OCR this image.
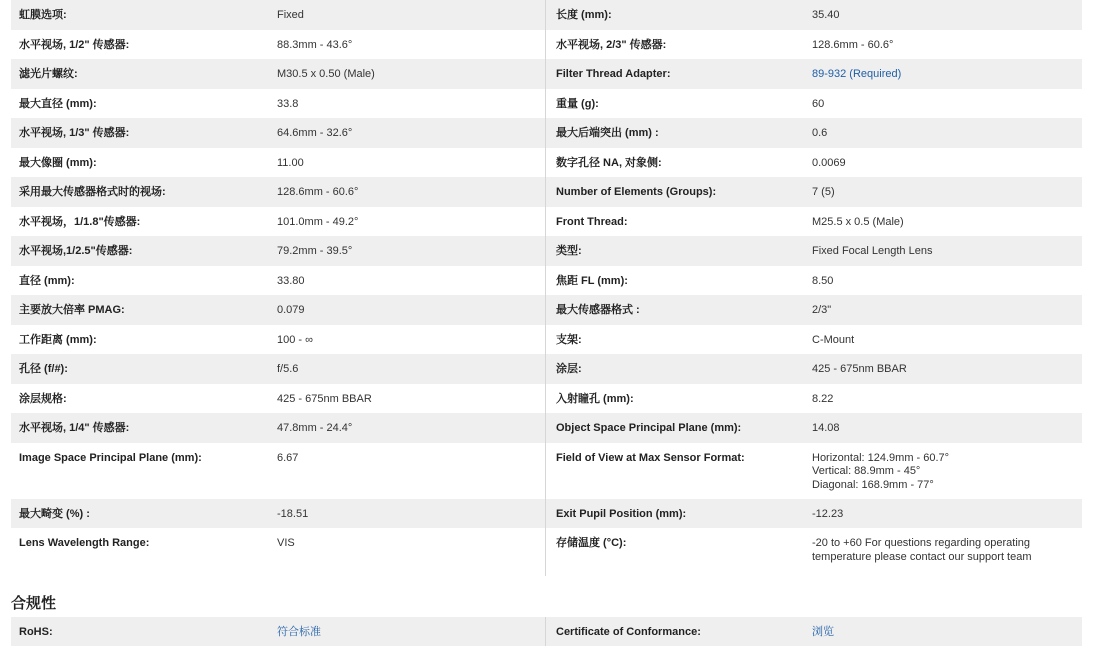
虹膜选项:	Fixed	长度 (mm):	35.40
水平视场, 1/2" 传感器:	88.3mm - 43.6°	水平视场, 2/3" 传感器:	128.6mm - 60.6°
滤光片螺纹:	M30.5 x 0.50 (Male)	Filter Thread Adapter:	89-932 (Required)
最大直径 (mm):	33.8	重量 (g):	60
水平视场, 1/3" 传感器:	64.6mm - 32.6°	最大后端突出 (mm) :	0.6
最大像圈 (mm):	11.00	数字孔径 NA, 对象侧:	0.0069
采用最大传感器格式时的视场:	128.6mm - 60.6°	Number of Elements (Groups):	7 (5)
水平视场，1/1.8"传感器:	101.0mm - 49.2°	Front Thread:	M25.5 x 0.5 (Male)
水平视场,1/2.5"传感器:	79.2mm - 39.5°	类型:	Fixed Focal Length Lens
直径 (mm):	33.80	焦距 FL (mm):	8.50
主要放大倍率 PMAG:	0.079	最大传感器格式 :	2/3"
工作距离 (mm):	100 - ∞	支架:	C-Mount
孔径 (f/#):	f/5.6	涂层:	425 - 675nm BBAR
涂层规格:	425 - 675nm BBAR	入射瞳孔 (mm):	8.22
水平视场, 1/4" 传感器:	47.8mm - 24.4°	Object Space Principal Plane (mm):	14.08
Image Space Principal Plane (mm):	6.67	Field of View at Max Sensor Format:	Horizontal: 124.9mm - 60.7°
Vertical: 88.9mm - 45°
Diagonal: 168.9mm - 77°
最大畸变 (%) :	-18.51	Exit Pupil Position (mm):	-12.23
Lens Wavelength Range:	VIS	存储温度 (°C):	-20 to +60 For questions regarding operating
temperature please contact our support team
合规性
RoHS:	符合标准	Certificate of Conformance:	浏览
